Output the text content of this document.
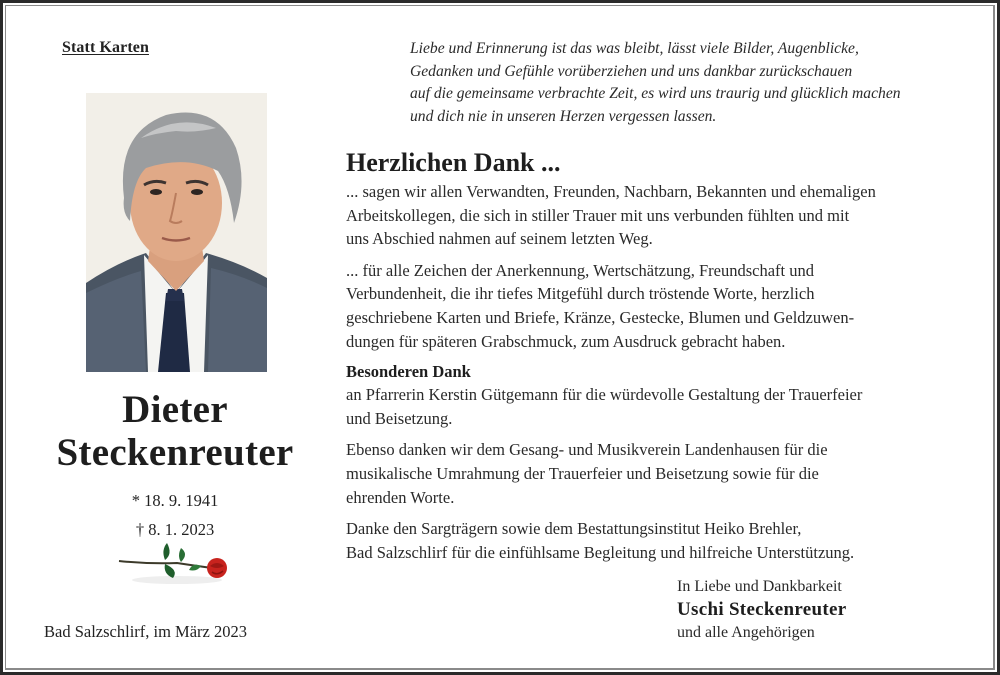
Statt Karten	Liebe und Erinnerung ist das was bleibt, lässt viele Bilder, Augenblicke,
Gedanken und Gefühle vorüberziehen und uns dankbar zurückschauen
auf die gemeinsame verbrachte Zeit, es wird uns traurig und glücklich machen
und dich nie in unseren Herzen vergessen lassen.
Dieter
Steckenreuter
* 18. 9. 1941
† 8. 1. 2023
Bad Salzschlirf, im März 2023
Herzlichen Dank ...
... sagen wir allen Verwandten, Freunden, Nachbarn, Bekannten und ehemaligen
Arbeitskollegen, die sich in stiller Trauer mit uns verbunden fühlten und mit
uns Abschied nahmen auf seinem letzten Weg.
... für alle Zeichen der Anerkennung, Wertschätzung, Freundschaft und
Verbundenheit, die ihr tiefes Mitgefühl durch tröstende Worte, herzlich
geschriebene Karten und Briefe, Kränze, Gestecke, Blumen und Geldzuwen-
dungen für späteren Grabschmuck, zum Ausdruck gebracht haben.
Besonderen Dank
an Pfarrerin Kerstin Gütgemann für die würdevolle Gestaltung der Trauerfeier
und Beisetzung.
Ebenso danken wir dem Gesang- und Musikverein Landenhausen für die
musikalische Umrahmung der Trauerfeier und Beisetzung sowie für die
ehrenden Worte.
Danke den Sargträgern sowie dem Bestattungsinstitut Heiko Brehler,
Bad Salzschlirf für die einfühlsame Begleitung und hilfreiche Unterstützung.
In Liebe und Dankbarkeit
Uschi Steckenreuter
und alle Angehörigen
